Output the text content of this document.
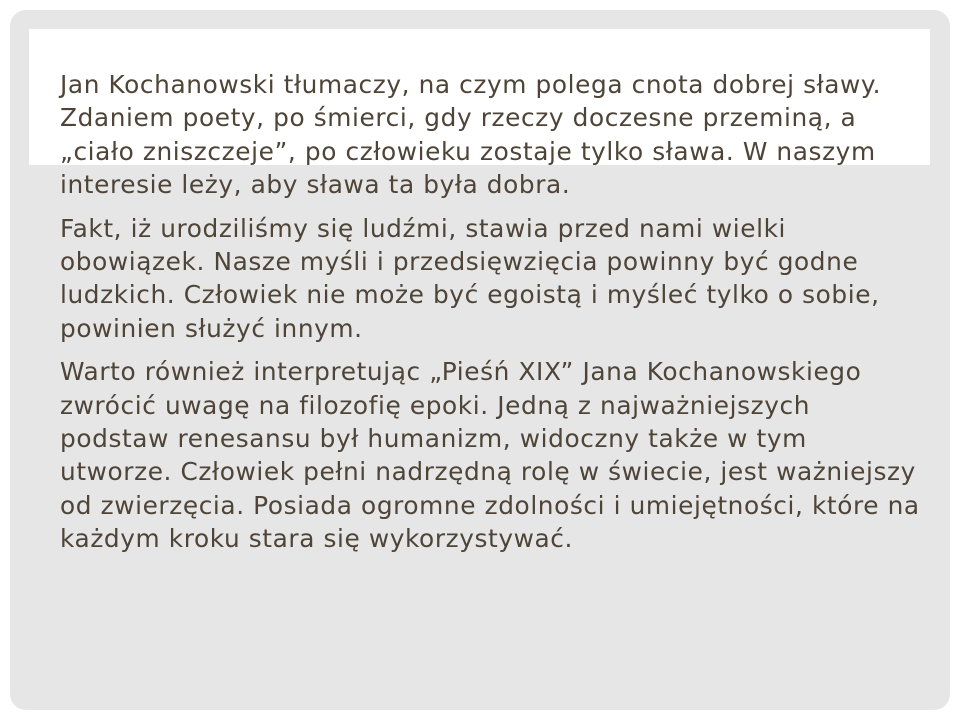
Jan Kochanowski tłumaczy, na czym polega cnota dobrej sławy. Zdaniem poety, po śmierci, gdy rzeczy doczesne przeminą, a „ciało zniszczeje”, po człowieku zostaje tylko sława. W naszym interesie leży, aby sława ta była dobra.

Fakt, iż urodziliśmy się ludźmi, stawia przed nami wielki obowiązek. Nasze myśli i przedsięwzięcia powinny być godne ludzkich. Człowiek nie może być egoistą i myśleć tylko o sobie, powinien służyć innym.

Warto również interpretując „Pieśń XIX” Jana Kochanowskiego zwrócić uwagę na filozofię epoki. Jedną z najważniejszych podstaw renesansu był humanizm, widoczny także w tym utworze. Człowiek pełni nadrzędną rolę w świecie, jest ważniejszy od zwierzęcia. Posiada ogromne zdolności i umiejętności, które na każdym kroku stara się wykorzystywać.
